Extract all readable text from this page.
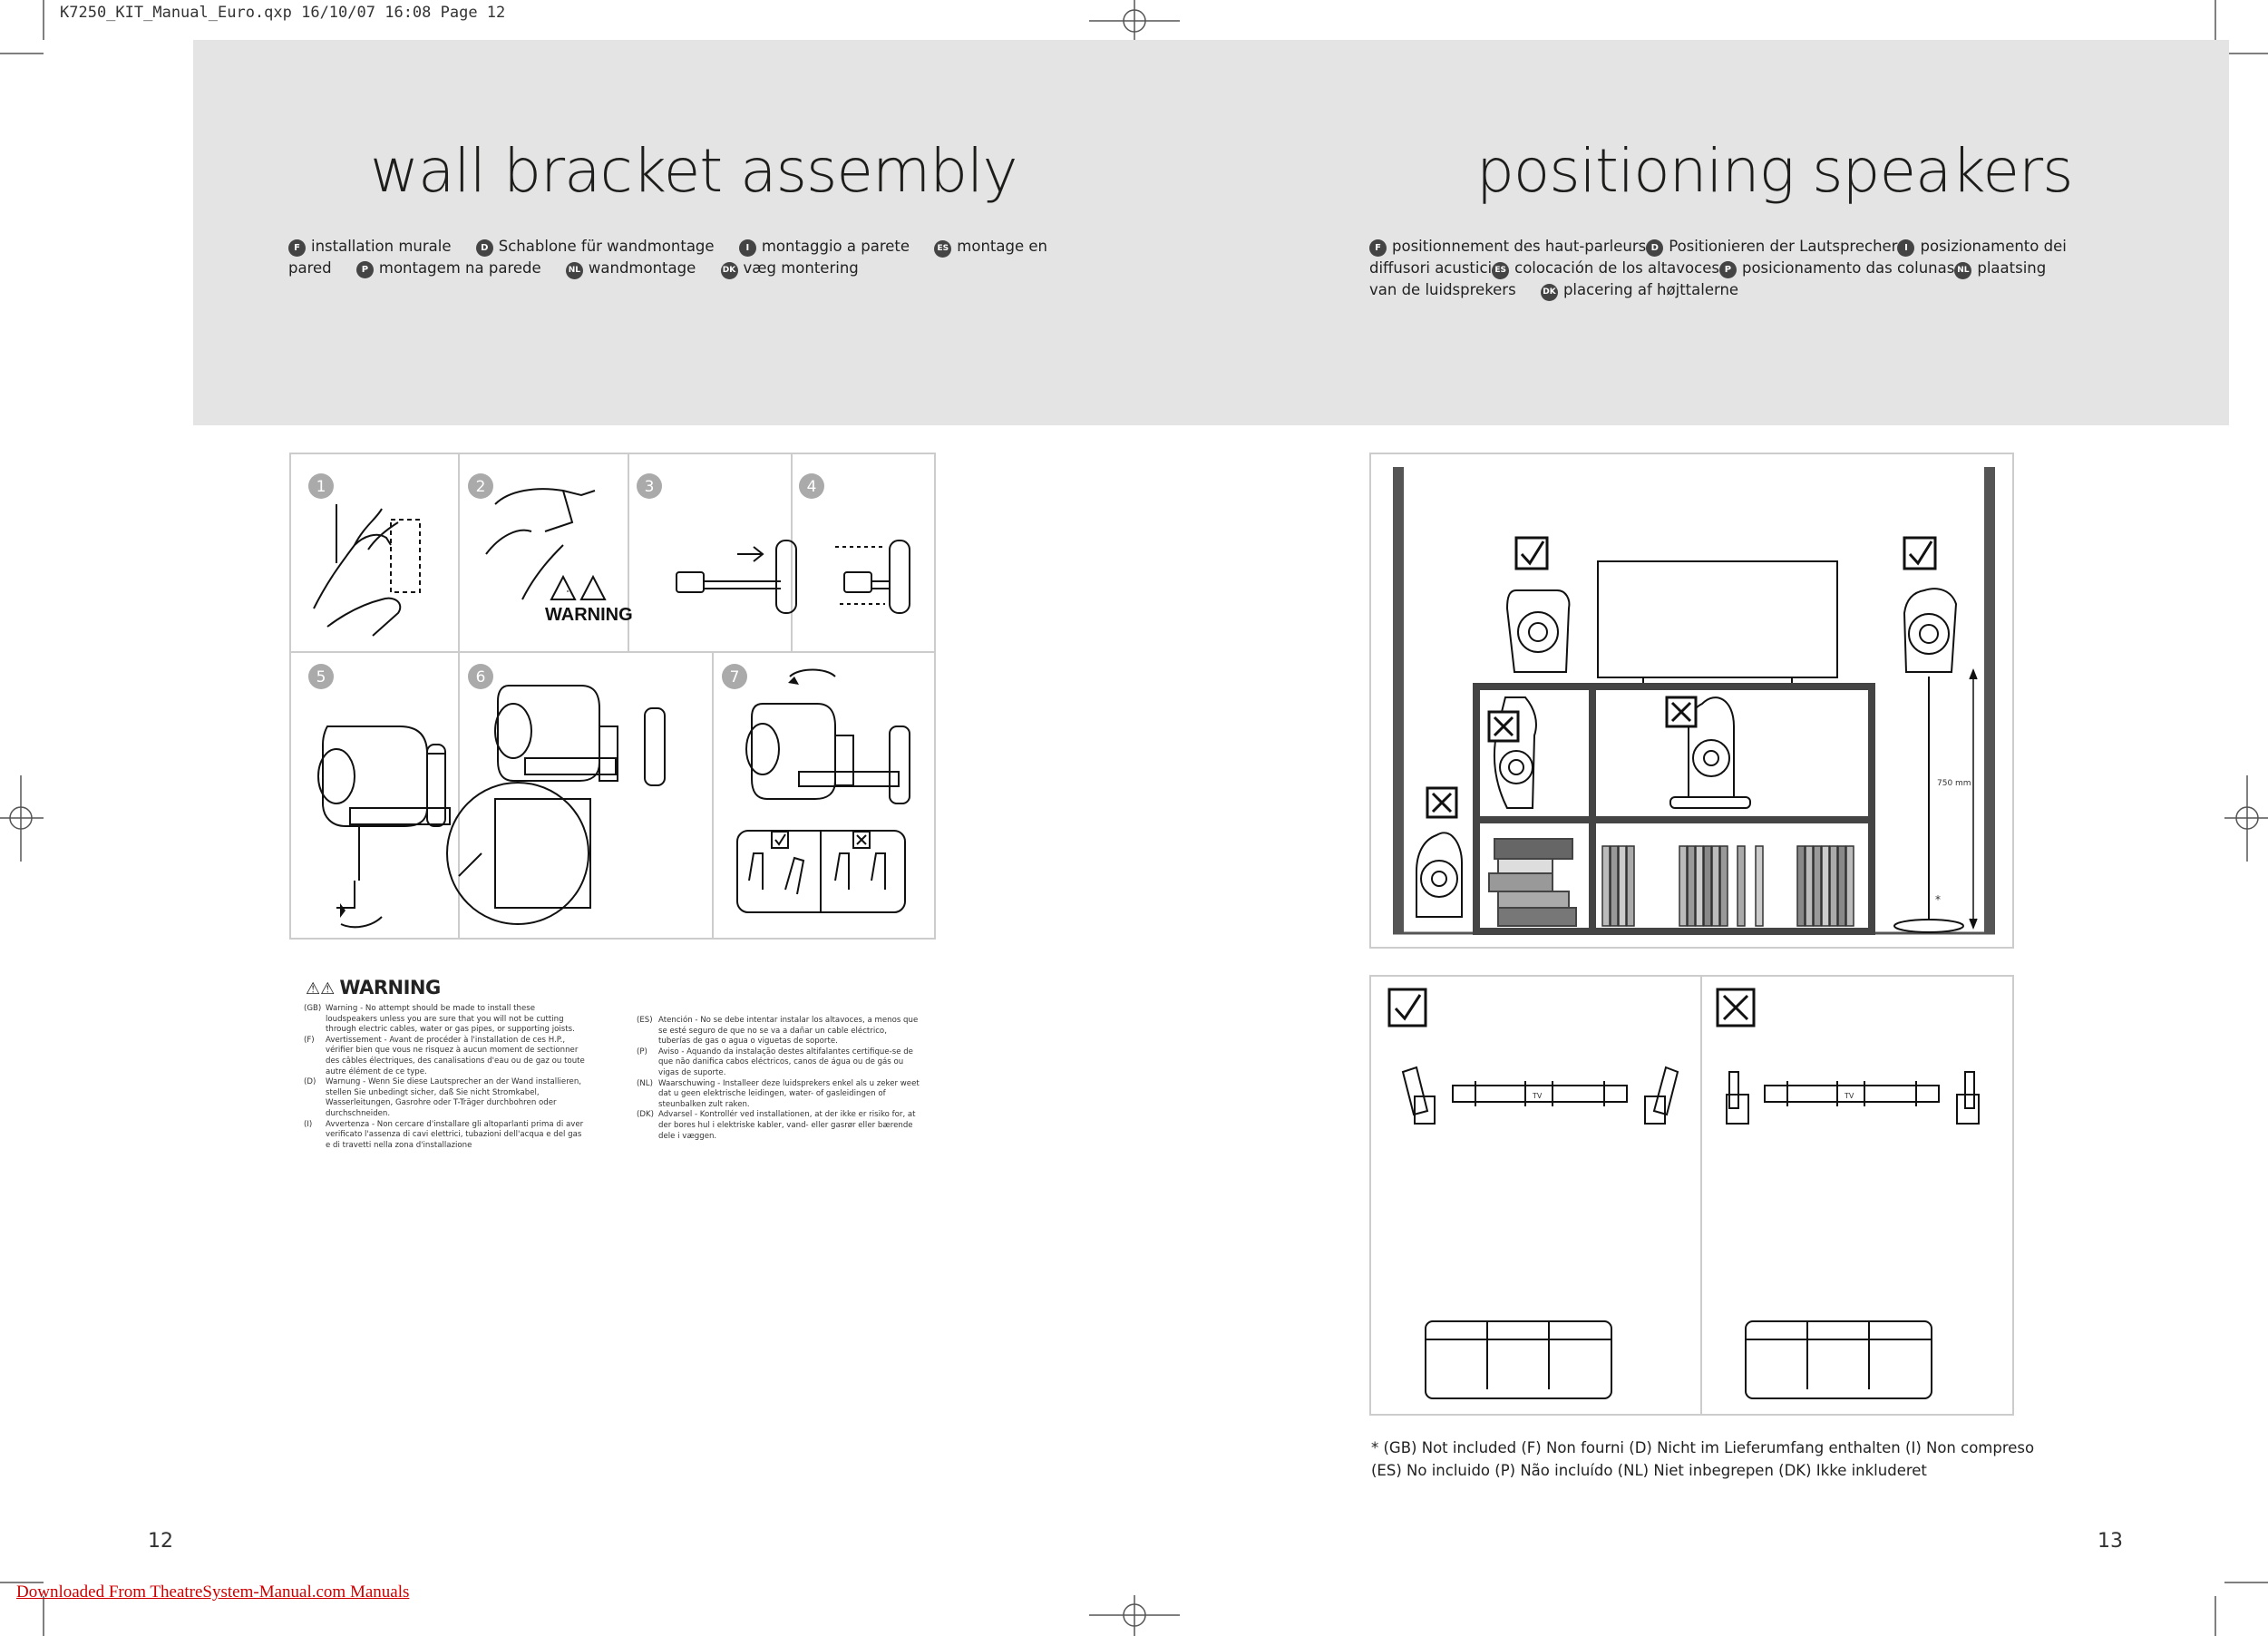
K7250_KIT_Manual_Euro.qxp 16/10/07 16:08 Page 12
wall bracket assembly
F installation murale	D Schablone für wandmontage	I montaggio a parete	ES montage en
pared	P montagem na parede	NL wandmontage	DK væg montering
positioning speakers
F positionnement des haut-parleurs D Positionieren der Lautsprecher I posizionamento dei
diffusori acustici ES colocación de los altavoces P posicionamento das colunas NL plaatsing
van de luidsprekers	DK placering af højttalerne
1	2	3	4
5	6	7
WARNING
⚠⚠ WARNING

(GB) Warning - No attempt should be made to install these loudspeakers unless you are sure that you will not be cutting through electric cables, water or gas pipes, or supporting joists.

(F)	Avertissement - Avant de procéder à l'installation de ces H.P., vérifier bien que vous ne risquez à aucun moment de sectionner des câbles électriques, des canalisations d'eau ou de gaz ou toute autre élément de ce type.

(D)	Warnung - Wenn Sie diese Lautsprecher an der Wand installieren, stellen Sie unbedingt sicher, daß Sie nicht Stromkabel, Wasserleitungen, Gasrohre oder T-Träger durchbohren oder durchschneiden.

(I)	Avvertenza - Non cercare d'installare gli altoparlanti prima di aver verificato l'assenza di cavi elettrici, tubazioni dell'acqua e del gas e di travetti nella zona d'installazione

(ES) Atención - No se debe intentar instalar los altavoces, a menos que se esté seguro de que no se va a dañar un cable eléctrico, tuberías de gas o agua o viguetas de soporte.

(P)	Aviso - Aquando da instalação destes altifalantes certifique-se de que não danifica cabos eléctricos, canos de água ou de gás ou vigas de suporte.

(NL) Waarschuwing - Installeer deze luidsprekers enkel als u zeker weet dat u geen elektrische leidingen, water- of gasleidingen of steunbalken zult raken.

(DK) Advarsel - Kontrollér ved installationen, at der ikke er risiko for, at der bores hul i elektriske kabler, vand- eller gasrør eller bærende dele i væggen.

750 mm
*
TV	TV
* (GB) Not included (F) Non fourni (D) Nicht im Lieferumfang enthalten (I) Non compreso
(ES) No incluido (P) Não incluído (NL) Niet inbegrepen (DK) Ikke inkluderet
12	13
Downloaded From TheatreSystem-Manual.com Manuals
